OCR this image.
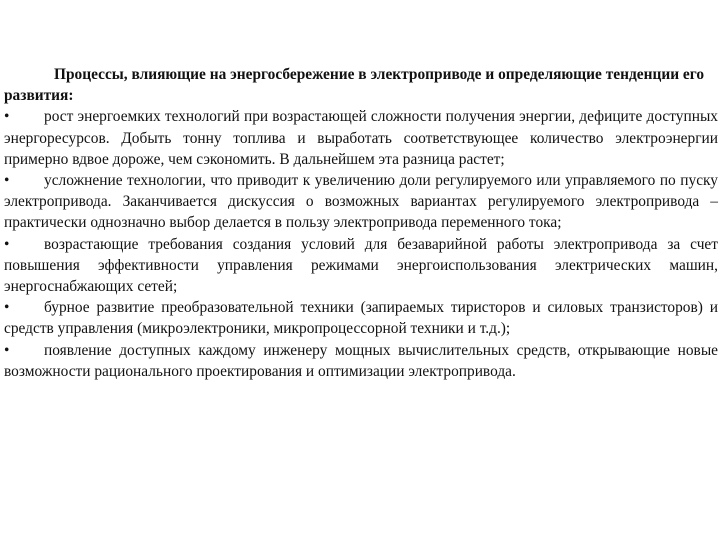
Процессы, влияющие на энергосбережение в электроприводе и определяющие тенденции его развития:

• рост энергоемких технологий при возрастающей сложности получения энергии, дефиците доступных энергоресурсов. Добыть тонну топлива и выработать соответствующее количество электроэнергии примерно вдвое дороже, чем сэкономить. В дальнейшем эта разница растет;

• усложнение технологии, что приводит к увеличению доли регулируемого или управляемого по пуску электропривода. Заканчивается дискуссия о возможных вариантах регулируемого электропривода – практически однозначно выбор делается в пользу электропривода переменного тока;

• возрастающие требования создания условий для безаварийной работы электропривода за счет повышения эффективности управления режимами энергоиспользования электрических машин, энергоснабжающих сетей;

• бурное развитие преобразовательной техники (запираемых тиристоров и силовых транзисторов) и средств управления (микроэлектроники, микропроцессорной техники и т.д.);

• появление доступных каждому инженеру мощных вычислительных средств, открывающие новые возможности рационального проектирования и оптимизации электропривода.
